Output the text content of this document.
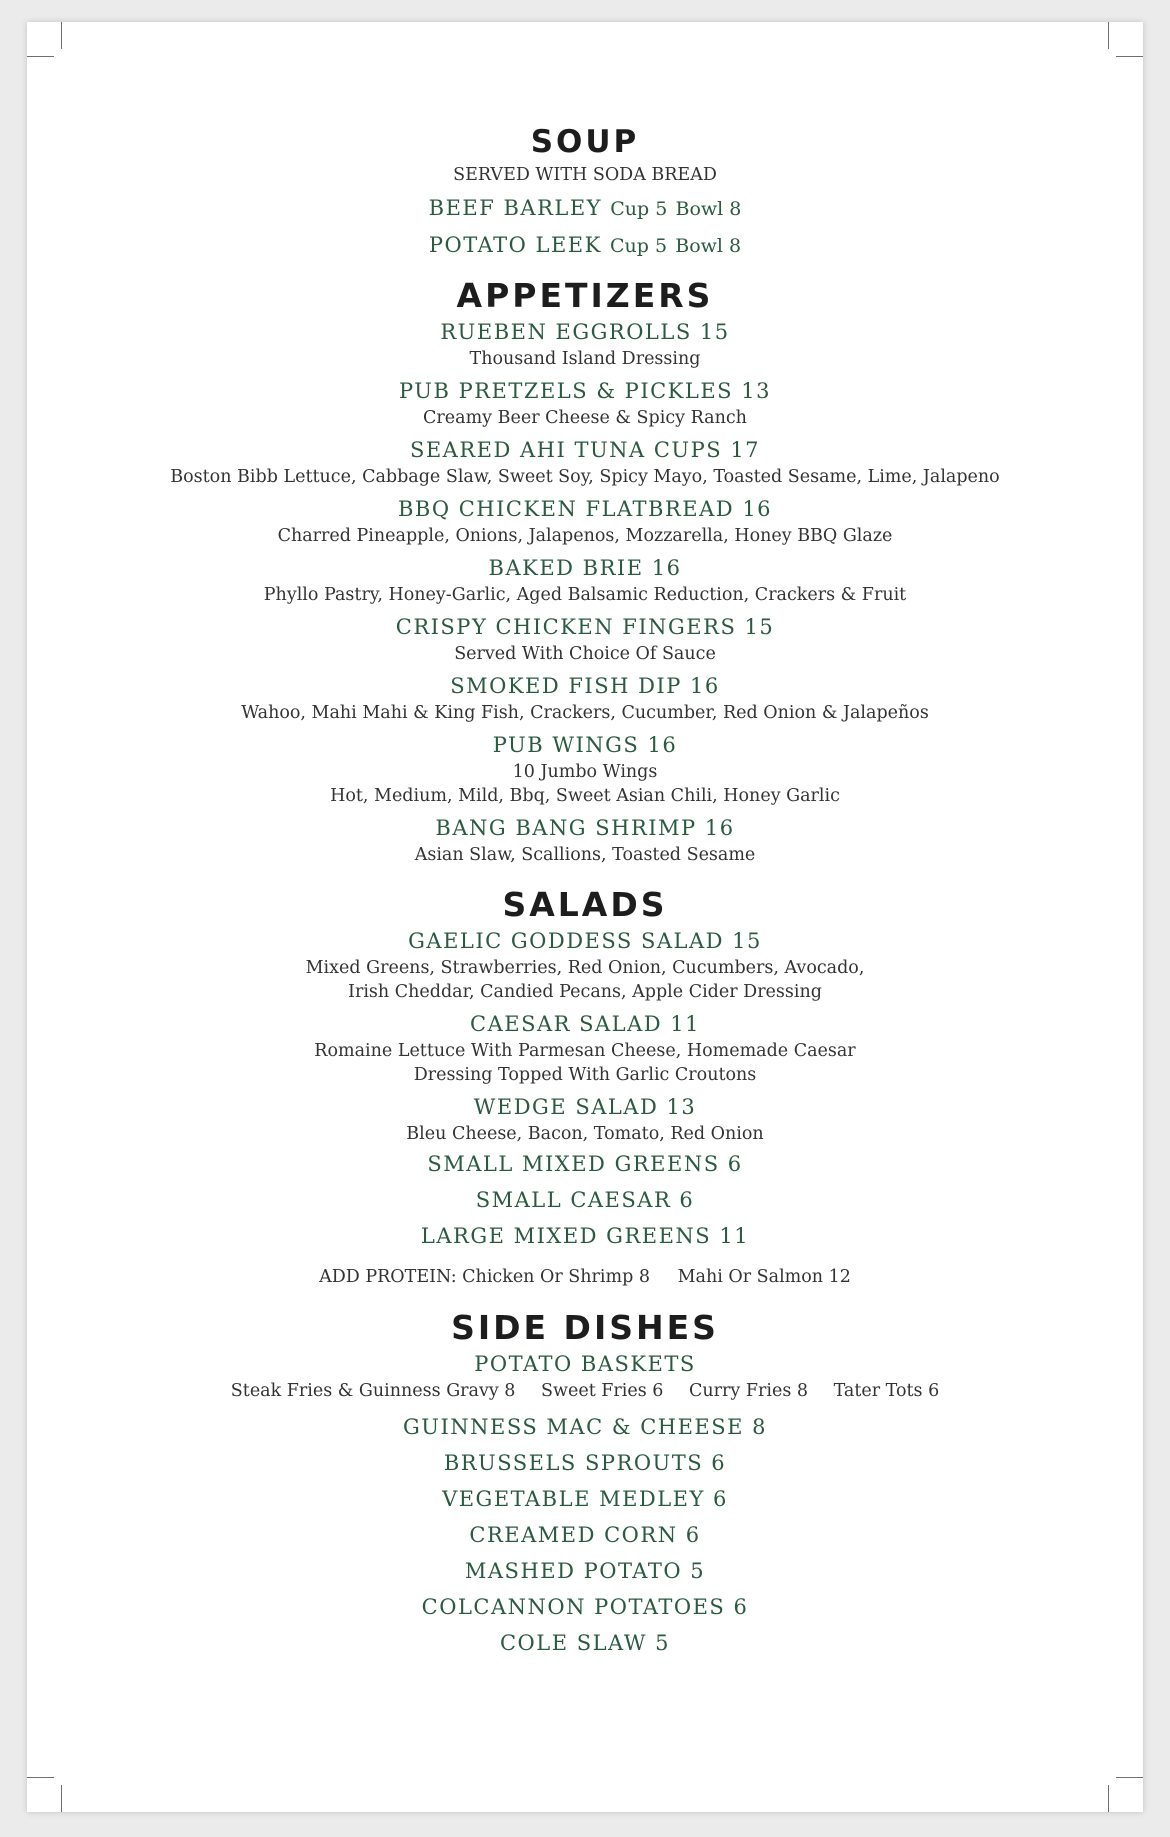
SOUP

SERVED WITH SODA BREAD

BEEF BARLEY Cup 5 Bowl 8

POTATO LEEK Cup 5 Bowl 8

APPETIZERS

RUEBEN EGGROLLS 15

Thousand Island Dressing

PUB PRETZELS & PICKLES 13

Creamy Beer Cheese & Spicy Ranch

SEARED AHI TUNA CUPS 17

Boston Bibb Lettuce, Cabbage Slaw, Sweet Soy, Spicy Mayo, Toasted Sesame, Lime, Jalapeno

BBQ CHICKEN FLATBREAD 16

Charred Pineapple, Onions, Jalapenos, Mozzarella, Honey BBQ Glaze

BAKED BRIE 16

Phyllo Pastry, Honey-Garlic, Aged Balsamic Reduction, Crackers & Fruit

CRISPY CHICKEN FINGERS 15

Served With Choice Of Sauce

SMOKED FISH DIP 16

Wahoo, Mahi Mahi & King Fish, Crackers, Cucumber, Red Onion & Jalapeños

PUB WINGS 16

10 Jumbo Wings

Hot, Medium, Mild, Bbq, Sweet Asian Chili, Honey Garlic

BANG BANG SHRIMP 16

Asian Slaw, Scallions, Toasted Sesame

SALADS

GAELIC GODDESS SALAD 15

Mixed Greens, Strawberries, Red Onion, Cucumbers, Avocado,

Irish Cheddar, Candied Pecans, Apple Cider Dressing

CAESAR SALAD 11

Romaine Lettuce With Parmesan Cheese, Homemade Caesar

Dressing Topped With Garlic Croutons

WEDGE SALAD 13

Bleu Cheese, Bacon, Tomato, Red Onion

SMALL MIXED GREENS 6

SMALL CAESAR 6

LARGE MIXED GREENS 11

ADD PROTEIN: Chicken Or Shrimp 8 Mahi Or Salmon 12

SIDE DISHES

POTATO BASKETS

Steak Fries & Guinness Gravy 8 Sweet Fries 6 Curry Fries 8 Tater Tots 6

GUINNESS MAC & CHEESE 8

BRUSSELS SPROUTS 6

VEGETABLE MEDLEY 6

CREAMED CORN 6

MASHED POTATO 5

COLCANNON POTATOES 6

COLE SLAW 5
